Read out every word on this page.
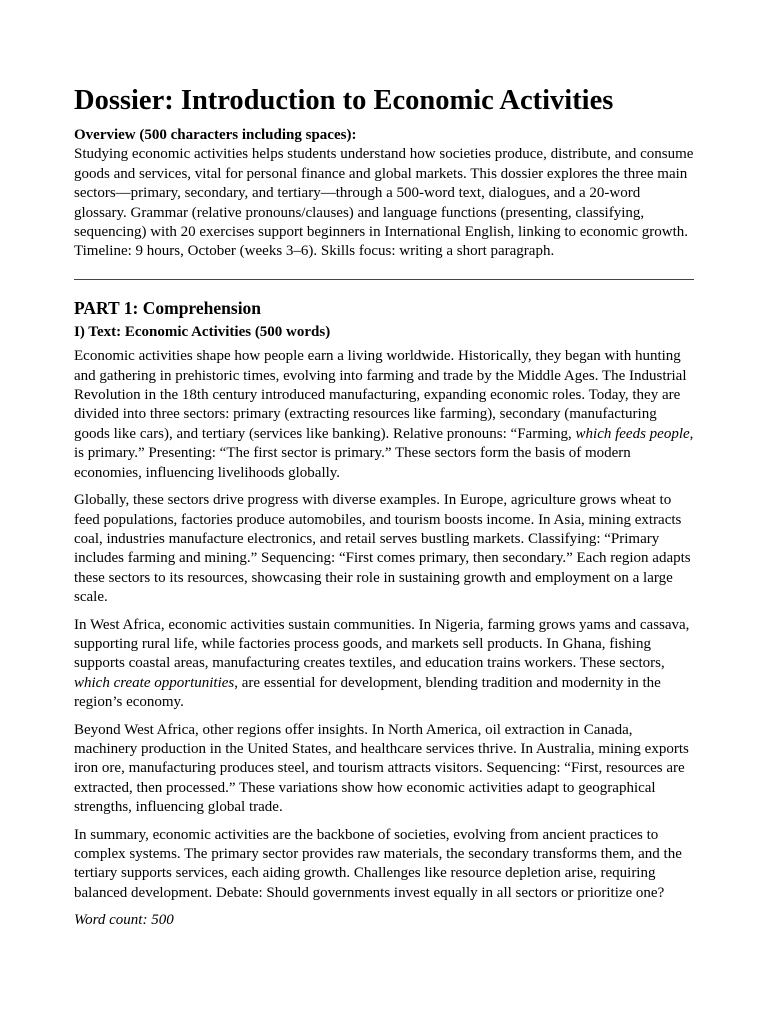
Dossier: Introduction to Economic Activities

Overview (500 characters including spaces):

Studying economic activities helps students understand how societies produce, distribute, and consume goods and services, vital for personal finance and global markets. This dossier explores the three main sectors—primary, secondary, and tertiary—through a 500-word text, dialogues, and a 20-word glossary. Grammar (relative pronouns/clauses) and language functions (presenting, classifying, sequencing) with 20 exercises support beginners in International English, linking to economic growth. Timeline: 9 hours, October (weeks 3–6). Skills focus: writing a short paragraph.

PART 1: Comprehension
I) Text: Economic Activities (500 words)

Economic activities shape how people earn a living worldwide. Historically, they began with hunting and gathering in prehistoric times, evolving into farming and trade by the Middle Ages. The Industrial Revolution in the 18th century introduced manufacturing, expanding economic roles. Today, they are divided into three sectors: primary (extracting resources like farming), secondary (manufacturing goods like cars), and tertiary (services like banking). Relative pronouns: “Farming, which feeds people, is primary.” Presenting: “The first sector is primary.” These sectors form the basis of modern economies, influencing livelihoods globally.

Globally, these sectors drive progress with diverse examples. In Europe, agriculture grows wheat to feed populations, factories produce automobiles, and tourism boosts income. In Asia, mining extracts coal, industries manufacture electronics, and retail serves bustling markets. Classifying: “Primary includes farming and mining.” Sequencing: “First comes primary, then secondary.” Each region adapts these sectors to its resources, showcasing their role in sustaining growth and employment on a large scale.

In West Africa, economic activities sustain communities. In Nigeria, farming grows yams and cassava, supporting rural life, while factories process goods, and markets sell products. In Ghana, fishing supports coastal areas, manufacturing creates textiles, and education trains workers. These sectors, which create opportunities, are essential for development, blending tradition and modernity in the region’s economy.

Beyond West Africa, other regions offer insights. In North America, oil extraction in Canada, machinery production in the United States, and healthcare services thrive. In Australia, mining exports iron ore, manufacturing produces steel, and tourism attracts visitors. Sequencing: “First, resources are extracted, then processed.” These variations show how economic activities adapt to geographical strengths, influencing global trade.

In summary, economic activities are the backbone of societies, evolving from ancient practices to complex systems. The primary sector provides raw materials, the secondary transforms them, and the tertiary supports services, each aiding growth. Challenges like resource depletion arise, requiring balanced development. Debate: Should governments invest equally in all sectors or prioritize one?

Word count: 500
